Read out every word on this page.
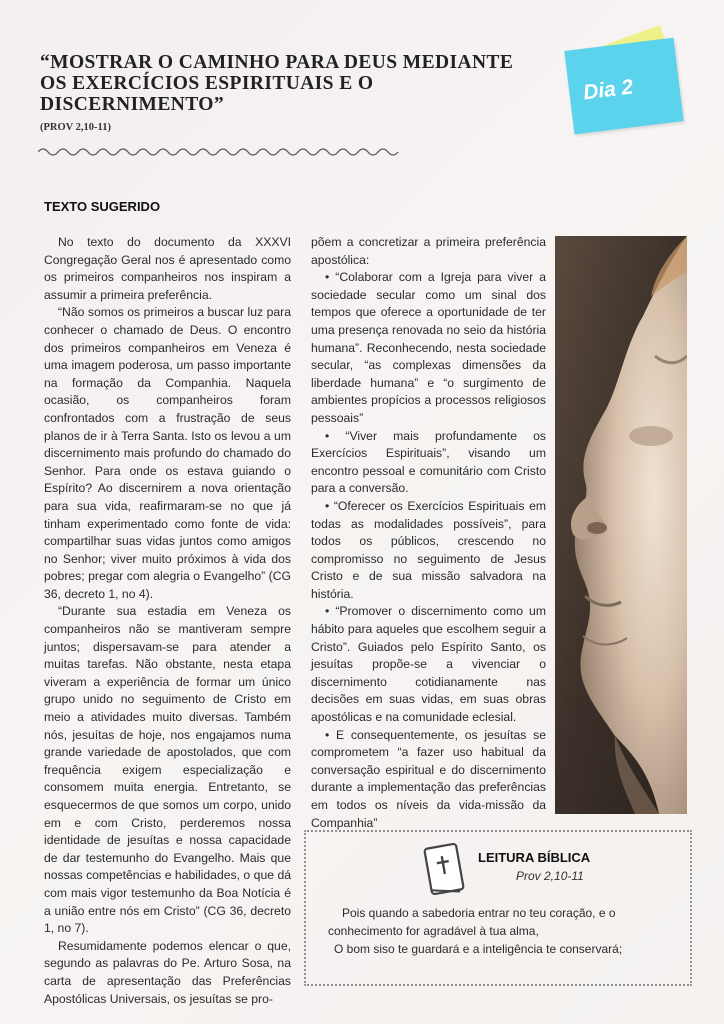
“MOSTRAR O CAMINHO PARA DEUS MEDIANTE OS EXERCÍCIOS ESPIRITUAIS E O DISCERNIMENTO”
(PROV 2,10-11)
Dia 2
TEXTO SUGERIDO

No texto do documento da XXXVI Congregação Geral nos é apresentado como os primeiros companheiros nos inspiram a assumir a primeira preferência.

“Não somos os primeiros a buscar luz para conhecer o chamado de Deus. O encontro dos primeiros companheiros em Veneza é uma imagem poderosa, um passo importante na formação da Companhia. Naquela ocasião, os companheiros foram confrontados com a frustração de seus planos de ir à Terra Santa. Isto os levou a um discernimento mais profundo do chamado do Senhor. Para onde os estava guiando o Espírito? Ao discernirem a nova orientação para sua vida, reafirmaram-se no que já tinham experimentado como fonte de vida: compartilhar suas vidas juntos como amigos no Senhor; viver muito próximos à vida dos pobres; pregar com alegria o Evangelho” (CG 36, decreto 1, no 4).

“Durante sua estadia em Veneza os companheiros não se mantiveram sempre juntos; dispersavam-se para atender a muitas tarefas. Não obstante, nesta etapa viveram a experiência de formar um único grupo unido no seguimento de Cristo em meio a atividades muito diversas. Também nós, jesuítas de hoje, nos engajamos numa grande variedade de apostolados, que com frequência exigem especialização e consomem muita energia. Entretanto, se esquecermos de que somos um corpo, unido em e com Cristo, perderemos nossa identidade de jesuítas e nossa capacidade de dar testemunho do Evangelho. Mais que nossas competências e habilidades, o que dá com mais vigor testemunho da Boa Notícia é a união entre nós em Cristo” (CG 36, decreto 1, no 7).

Resumidamente podemos elencar o que, segundo as palavras do Pe. Arturo Sosa, na carta de apresentação das Preferências Apostólicas Universais, os jesuítas se pro-

põem a concretizar a primeira preferência apostólica:

• “Colaborar com a Igreja para viver a sociedade secular como um sinal dos tempos que oferece a oportunidade de ter uma presença renovada no seio da história humana”. Reconhecendo, nesta sociedade secular, “as complexas dimensões da liberdade humana” e “o surgimento de ambientes propícios a processos religiosos pessoais”

• “Viver mais profundamente os Exercícios Espirituais”, visando um encontro pessoal e comunitário com Cristo para a conversão.

• “Oferecer os Exercícios Espirituais em todas as modalidades possíveis”, para todos os públicos, crescendo no compromisso no seguimento de Jesus Cristo e de sua missão salvadora na história.

• “Promover o discernimento como um hábito para aqueles que escolhem seguir a Cristo”. Guiados pelo Espírito Santo, os jesuítas propõe-se a vivenciar o discernimento cotidianamente nas decisões em suas vidas, em suas obras apostólicas e na comunidade eclesial.

• E consequentemente, os jesuítas se comprometem “a fazer uso habitual da conversação espiritual e do discernimento durante a implementação das preferências em todos os níveis da vida-missão da Companhia”

LEITURA BÍBLICA
Prov 2,10-11

Pois quando a sabedoria entrar no teu coração, e o conhecimento for agradável à tua alma,

O bom siso te guardará e a inteligência te conservará;
